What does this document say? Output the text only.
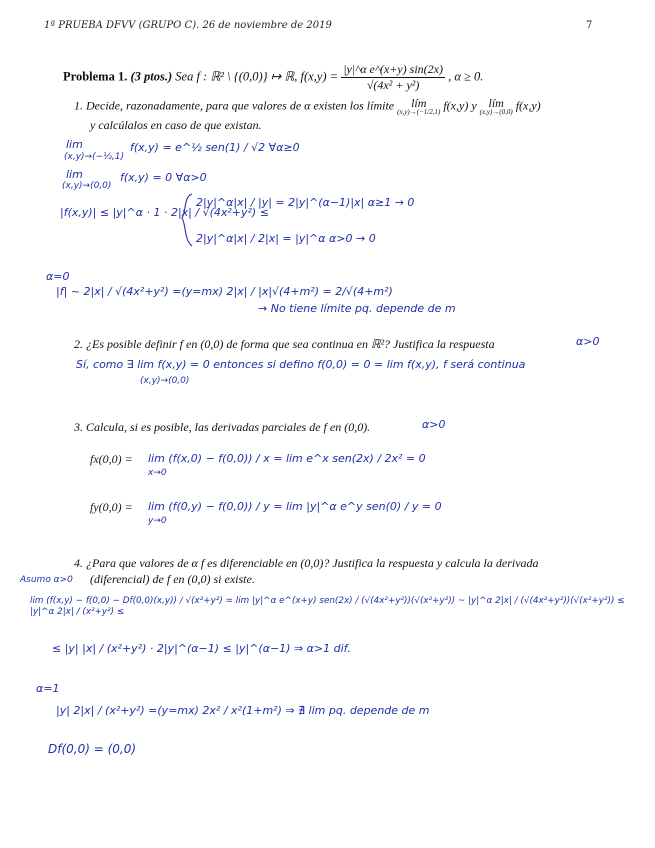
1ª PRUEBA DFVV (GRUPO C). 26 de noviembre de 2019	7
Problema 1. (3 ptos.) Sea f : ℝ² \ {(0,0)} ↦ ℝ, $f(x,y) = \frac{\text{|y|\textasciicircum{}α e\textasciicircum{}(x+y) sin(2x)}}{\text{√(4x² + y²)}}$ , α ≥ 0.
1. Decide, razonadamente, para que valores de α existen los límite lím
(x,y)→(−1/2,1) f(x,y) y lím
(x,y)→(0,0) f(x,y)
y calcúlalos en caso de que existan.
lim
(x,y)→(−½,1)
f(x,y) = e^½ sen(1) / √2 ∀α≥0
lim
(x,y)→(0,0)
f(x,y) = 0 ∀α>0
|f(x,y)| ≤ |y|^α · 1 · 2|x| / √(4x²+y²) ≤
2|y|^α|x| / |y| = 2|y|^(α−1)|x| α≥1 → 0
2|y|^α|x| / 2|x| = |y|^α α>0 → 0
α=0
|f| ~ 2|x| / √(4x²+y²) =(y=mx) 2|x| / |x|√(4+m²) = 2/√(4+m²)
→ No tiene límite pq. depende de m
2. ¿Es posible definir f en (0,0) de forma que sea continua en ℝ²? Justifica la respuesta	α>0
Sí, como ∃ lim f(x,y) = 0 entonces si defino f(0,0) = 0 = lim f(x,y), f será continua
(x,y)→(0,0)
3. Calcula, si es posible, las derivadas parciales de f en (0,0).	α>0
fx(0,0) = lim (f(x,0) − f(0,0)) / x = lim e^x sen(2x) / 2x² = 0
x→0
fy(0,0) = lim (f(0,y) − f(0,0)) / y = lim |y|^α e^y sen(0) / y = 0
y→0
4. ¿Para que valores de α f es diferenciable en (0,0)? Justifica la respuesta y calcula la derivada
(diferencial) de f en (0,0) si existe.
Asumo α>0
lim (f(x,y) − f(0,0) − Df(0,0)(x,y)) / √(x²+y²) = lim |y|^α e^(x+y) sen(2x) / (√(4x²+y²))(√(x²+y²)) ~ |y|^α 2|x| / (√(4x²+y²))(√(x²+y²)) ≤ |y|^α 2|x| / (x²+y²) ≤
≤ |y| |x| / (x²+y²) · 2|y|^(α−1) ≤ |y|^(α−1) ⇒ α>1 dif.
α=1
|y| 2|x| / (x²+y²) =(y=mx) 2x² / x²(1+m²) ⇒ ∄ lim pq. depende de m
Df(0,0) = (0,0)
